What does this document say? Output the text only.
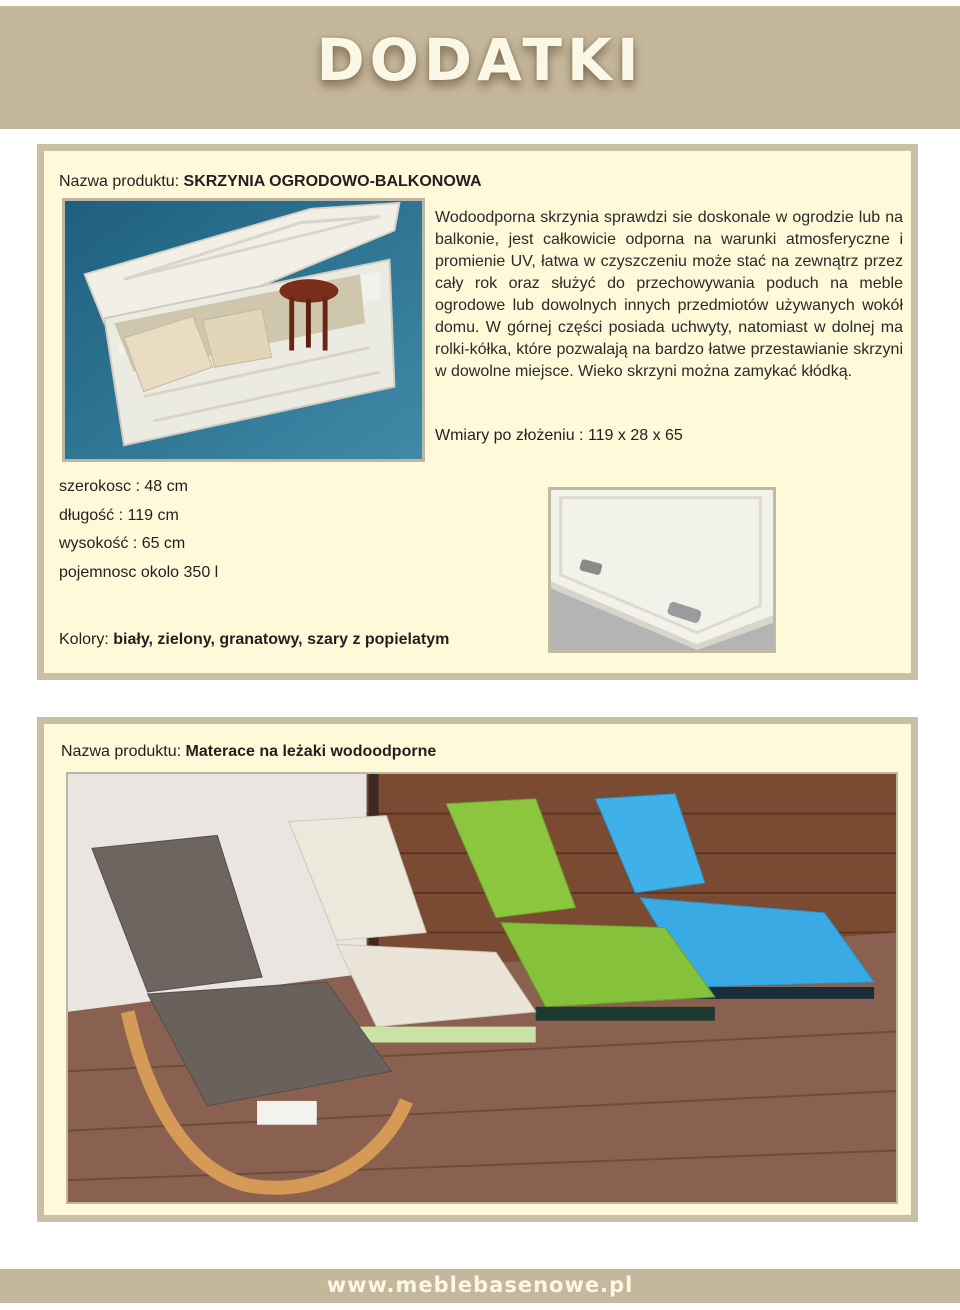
DODATKI
Nazwa produktu: SKRZYNIA OGRODOWO-BALKONOWA
Wodoodporna skrzynia sprawdzi sie doskonale w ogrodzie lub na balkonie, jest całkowicie odporna na warunki atmosferyczne i promienie UV, łatwa w czyszczeniu może stać na zewnątrz przez cały rok oraz służyć do przechowywania poduch na meble ogrodowe lub dowolnych innych przedmiotów używanych wokół domu. W górnej części posiada uchwyty, natomiast w dolnej ma rolki-kółka, które pozwalają na bardzo łatwe przestawianie skrzyni w dowolne miejsce. Wieko skrzyni można zamykać kłódką.
Wmiary po złożeniu : 119 x 28 x 65
szerokosc : 48 cm
długość : 119 cm
wysokość : 65 cm
pojemnosc okolo 350 l
Kolory: biały, zielony, granatowy, szary z popielatym
Nazwa produktu: Materace na leżaki wodoodporne
www.meblebasenowe.pl
